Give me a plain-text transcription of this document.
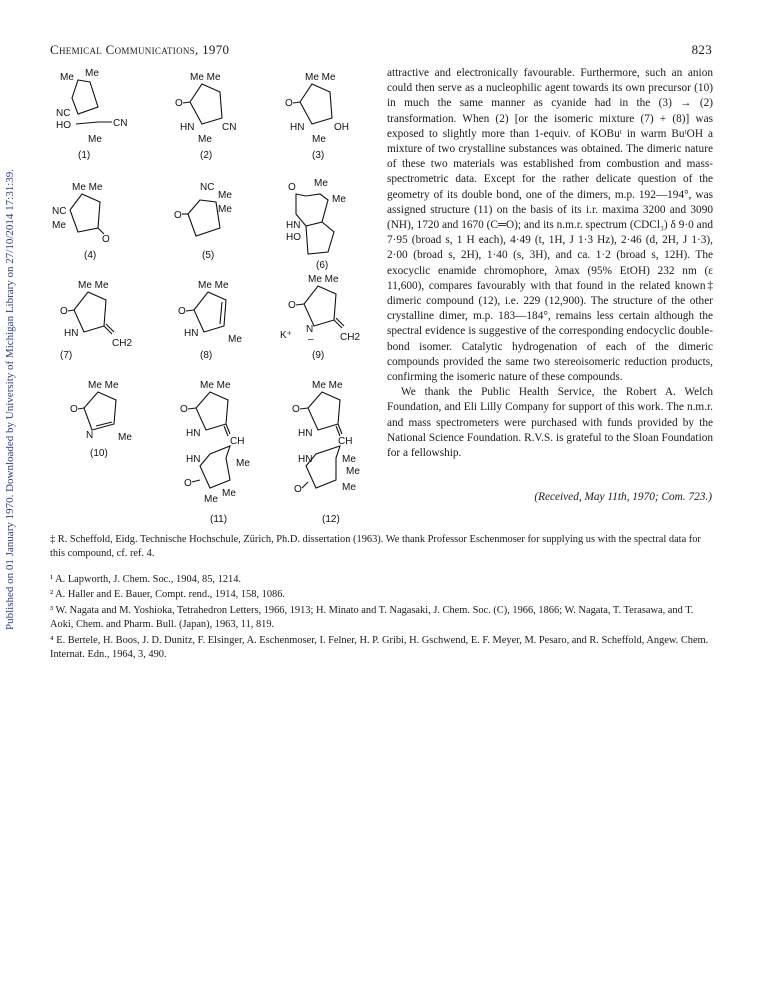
Chemical Communications, 1970	823
Published on 01 January 1970. Downloaded by University of Michigan Library on 27/10/2014 17:31:39.
Me Me
NC
HO	CN
Me
(1)
Me Me
O
HN	CN
Me
(2)
Me Me
O
HN	OH
Me
(3)
Me Me
NC
Me
O
(4)
NC
Me
Me
O
(5)
O Me
Me
HN
HO
(6)
Me Me
O
HN
CH2
(7)
Me Me
O
HN
Me
(8)
Me Me
O
K⁺
N
–	CH2
(9)
Me Me
O
N Me
(10)
Me Me
O
HN
CH
HN	Me
O
Me
Me
(11)
Me Me
O
HN
CH
HN	Me
Me
Me
O
(12)

attractive and electronically favourable. Furthermore, such an anion could then serve as a nucleophilic agent towards its own precursor (10) in much the same manner as cyanide had in the (3) → (2) transformation. When (2) [or the isomeric mixture (7) + (8)] was exposed to slightly more than 1-equiv. of KOBuᵗ in warm BuᵗOH a mixture of two crystalline substances was obtained. The dimeric nature of these two materials was established from combustion and mass-spectrometric data. Except for the rather delicate question of the geometry of its double bond, one of the dimers, m.p. 192—194°, was assigned structure (11) on the basis of its i.r. maxima 3200 and 3090 (NH), 1720 and 1670 (C═O); and its n.m.r. spectrum (CDCl₃) δ 9·0 and 7·95 (broad s, 1 H each), 4·49 (t, 1H, J 1·3 Hz), 2·46 (d, 2H, J 1·3), 2·00 (broad s, 2H), 1·40 (s, 3H), and ca. 1·2 (broad s, 12H). The exocyclic enamide chromophore, λmax (95% EtOH) 232 nm (ε 11,600), compares favourably with that found in the related known‡ dimeric compound (12), i.e. 229 (12,900). The structure of the other crystalline dimer, m.p. 183—184°, remains less certain although the spectral evidence is suggestive of the corresponding endocyclic double-bond isomer. Catalytic hydrogenation of each of the dimeric compounds provided the same two stereoisomeric reduction products, confirming the isomeric nature of these compounds.

We thank the Public Health Service, the Robert A. Welch Foundation, and Eli Lilly Company for support of this work. The n.m.r. and mass spectrometers were purchased with funds provided by the National Science Foundation. R.V.S. is grateful to the Sloan Foundation for a fellowship.

(Received, May 11th, 1970; Com. 723.)
‡ R. Scheffold, Eidg. Technische Hochschule, Zürich, Ph.D. dissertation (1963). We thank Professor Eschenmoser for supplying us with the spectral data for this compound, cf. ref. 4.
¹ A. Lapworth, J. Chem. Soc., 1904, 85, 1214.
² A. Haller and E. Bauer, Compt. rend., 1914, 158, 1086.
³ W. Nagata and M. Yoshioka, Tetrahedron Letters, 1966, 1913; H. Minato and T. Nagasaki, J. Chem. Soc. (C), 1966, 1866; W. Nagata, T. Terasawa, and T. Aoki, Chem. and Pharm. Bull. (Japan), 1963, 11, 819.
⁴ E. Bertele, H. Boos, J. D. Dunitz, F. Elsinger, A. Eschenmoser, I. Felner, H. P. Gribi, H. Gschwend, E. F. Meyer, M. Pesaro, and R. Scheffold, Angew. Chem. Internat. Edn., 1964, 3, 490.
